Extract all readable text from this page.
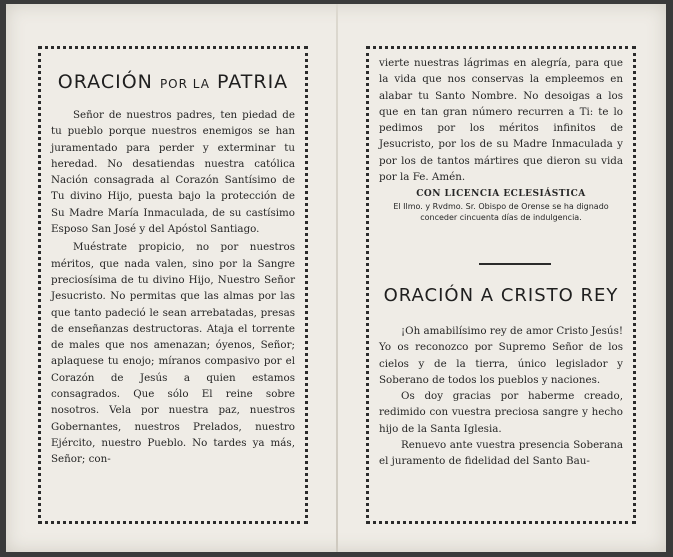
ORACIÓN POR LA PATRIA

Señor de nuestros padres, ten piedad de tu pueblo porque nuestros enemigos se han juramentado para perder y exterminar tu heredad. No desatiendas nuestra católica Nación consagrada al Corazón Santísimo de Tu divino Hijo, puesta bajo la protección de Su Madre María Inmaculada, de su castísimo Esposo San José y del Apóstol Santiago.

Muéstrate propicio, no por nuestros méritos, que nada valen, sino por la Sangre preciosísima de tu divino Hijo, Nuestro Señor Jesucristo. No permitas que las almas por las que tanto padeció le sean arrebatadas, presas de enseñanzas destructoras. Ataja el torrente de males que nos amenazan; óyenos, Señor; aplaquese tu enojo; míranos compasivo por el Corazón de Jesús a quien estamos consagrados. Que sólo El reine sobre nosotros. Vela por nuestra paz, nuestros Gobernantes, nuestros Prelados, nuestro Ejército, nuestro Pueblo. No tardes ya más, Señor; con-

vierte nuestras lágrimas en alegría, para que la vida que nos conservas la empleemos en alabar tu Santo Nombre. No desoigas a los que en tan gran número recurren a Ti: te lo pedimos por los méritos infinitos de Jesucristo, por los de su Madre Inmaculada y por los de tantos mártires que dieron su vida por la Fe. Amén.

CON LICENCIA ECLESIÁSTICA

El Ilmo. y Rvdmo. Sr. Obispo de Orense se ha dignado conceder cincuenta días de indulgencia.

ORACIÓN A CRISTO REY

¡Oh amabilísimo rey de amor Cristo Jesús! Yo os reconozco por Supremo Señor de los cielos y de la tierra, único legislador y Soberano de todos los pueblos y naciones.

Os doy gracias por haberme creado, redimido con vuestra preciosa sangre y hecho hijo de la Santa Iglesia.

Renuevo ante vuestra presencia Soberana el juramento de fidelidad del Santo Bau-
